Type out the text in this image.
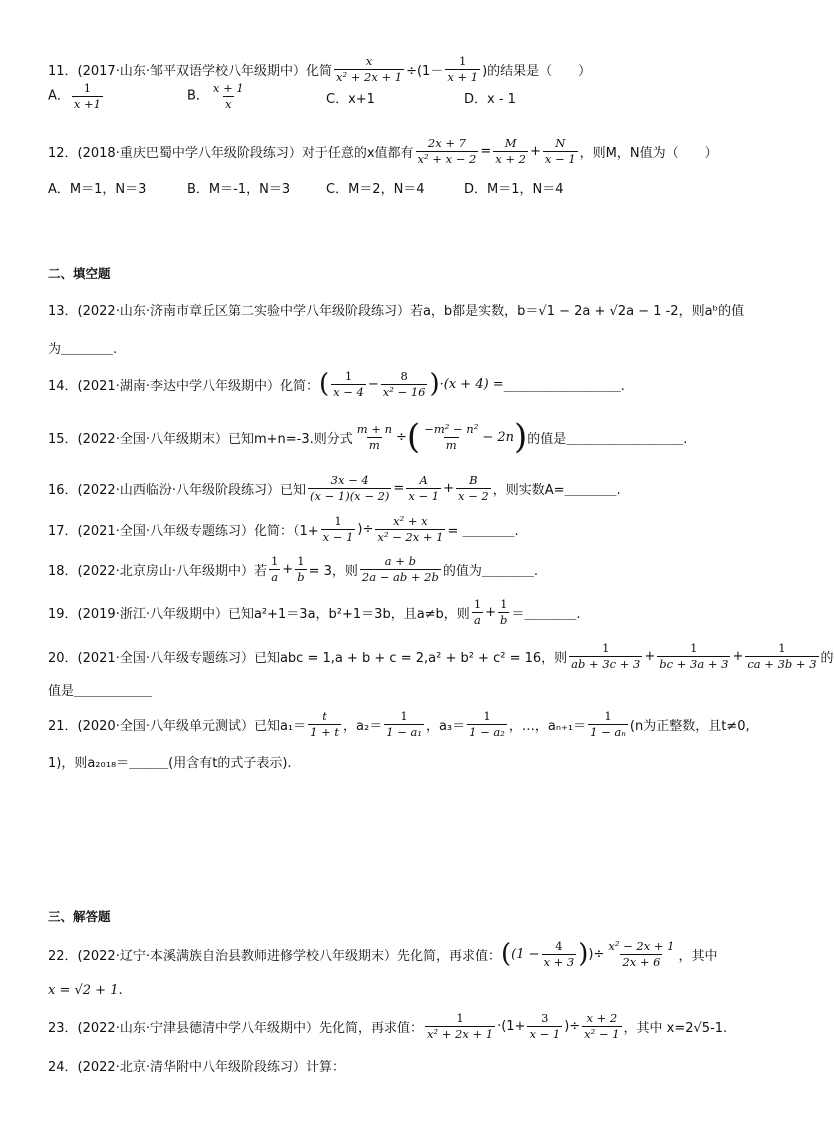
11．(2017·山东·邹平双语学校八年级期中）化简 $\frac{x}{\text{x² + 2x + 1}} \div(1- \frac{1}{x + 1}$ )的结果是（　　）
A． $\frac{1}{x +1}$	B． $\frac{x + 1}{x}$	C．x+1	D．x - 1
12．(2018·重庆巴蜀中学八年级阶段练习）对于任意的x值都有 $\frac{2x + 7}{\text{x² + x − 2}} = \frac{M}{x + 2} + \frac{N}{x - 1}$ ，则M，N值为（　　）
A．M＝1，N＝3	B．M＝-1，N＝3	C．M＝2，N＝4	D．M＝1，N＝4
二、填空题
13．(2022·山东·济南市章丘区第二实验中学八年级阶段练习）若a，b都是实数，b＝√1 − 2a + √2a − 1 -2，则aᵇ的值
为＿＿＿＿.
14．(2021·湖南·李达中学八年级期中）化简： ( $\frac{1}{x - 4} - \frac{8}{\text{x² − 16}}$ ) ·(x + 4) = ＿＿＿＿＿＿＿＿＿.
15．(2022·全国·八年级期末）已知m+n=-3.则分式 $\frac{m + n}{m}$ ÷ ( $\frac{\text{−m² − n²}}{m} - 2n$ ) 的值是＿＿＿＿＿＿＿＿＿.
16．(2022·山西临汾·八年级阶段练习）已知 $\frac{3x - 4}{(x - 1)(x - 2)} = \frac{A}{x - 1} + \frac{B}{x - 2}$ ，则实数A=＿＿＿＿.
17．(2021·全国·八年级专题练习）化简：（$1+ \frac{1}{x - 1}$ )÷ $\frac{\text{x² + x}}{\text{x² − 2x + 1}}$ = ＿＿＿＿.
18．(2022·北京房山·八年级期中）若 $\frac{1}{a} + \frac{1}{b} = 3$，则 $\frac{a + b}{2a - ab + 2b}$ 的值为＿＿＿＿.
19．(2019·浙江·八年级期中）已知a²+1＝3a，b²+1＝3b，且a≠b，则 $\frac{1}{a} + \frac{1}{b}$ ＝＿＿＿＿.
20．(2021·全国·八年级专题练习）已知abc = 1,a + b + c = 2,a² + b² + c² = 16，则 $\frac{1}{ab + 3c + 3} + \frac{1}{bc + 3a + 3} + \frac{1}{ca + 3b + 3}$ 的
值是＿＿＿＿＿＿
21．(2020·全国·八年级单元测试）已知$a_1= \frac{t}{1 + t}$ ，$a_2= \frac{1}{\text{1 − a₁}}$ ，$a_3= \frac{1}{\text{1 − a₂}}$ ，…，$a_{n+1}= \frac{1}{\text{1 − aₙ}} (n$为正整数，且t≠0,
1)，则a₂₀₁₈＝＿＿＿(用含有t的式子表示).
三、解答题
22．(2022·辽宁·本溪满族自治县教师进修学校八年级期末）先化简，再求值： ( ($1 - \frac{4}{x + 3}$ ) )÷ $\frac{\text{x² − 2x + 1}}{2x + 6}$ ，其中
x = √2 + 1.
23．(2022·山东·宁津县德清中学八年级期中）先化简，再求值： $\frac{1}{\text{x² + 2x + 1}} \cdot(1+ \frac{3}{x - 1}$ )÷ $\frac{x + 2}{\text{x² − 1}}$ ，其中 x=2√5-1.
24．(2022·北京·清华附中八年级阶段练习）计算：
